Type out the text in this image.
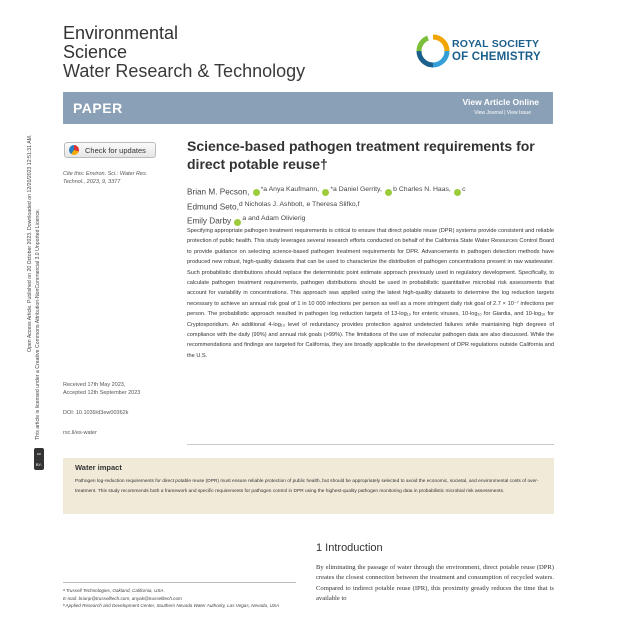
Open Access Article. Published on 20 October 2023. Downloaded on 12/20/2023 12:51:31 AM. This article is licensed under a Creative Commons Attribution-NonCommercial 3.0 Unported Licence.
cc BY-NC
Environmental
Science
Water Research & Technology
ROYAL SOCIETY
OF CHEMISTRY
PAPER	View Article Online
View Journal | View Issue
Check for updates
Cite this: Environ. Sci.: Water Res.
Technol., 2023, 9, 3377
Received 17th May 2023,
Accepted 12th September 2023
DOI: 10.1039/d3ew00362k
rsc.li/es-water
Science-based pathogen treatment requirements for direct potable reuse†
Brian M. Pecson, $^{*a Anya Kaufmann,}$ $^{*a Daniel Gerrity,}$ $^{b Charles N. Haas,}$ $^c$
Edmund Seto,$^{d Nicholas J. Ashbolt,}$ $^{e Theresa Slifko,f}$
Emily Darby $^{a and Adam Olivierig}$
Specifying appropriate pathogen treatment requirements is critical to ensure that direct potable reuse (DPR) systems provide consistent and reliable protection of public health. This study leverages several research efforts conducted on behalf of the California State Water Resources Control Board to provide guidance on selecting science-based pathogen treatment requirements for DPR. Advancements in pathogen detection methods have produced new robust, high-quality datasets that can be used to characterize the distribution of pathogen concentrations present in raw wastewater. Such probabilistic distributions should replace the deterministic point estimate approach previously used in regulatory development. Specifically, to calculate pathogen treatment requirements, pathogen distributions should be used in probabilistic quantitative microbial risk assessments that account for variability in concentrations. This approach was applied using the latest high-quality datasets to determine the log reduction targets necessary to achieve an annual risk goal of 1 in 10 000 infections per person as well as a more stringent daily risk goal of 2.7 × 10⁻⁷ infections per person. The probabilistic approach resulted in pathogen log reduction targets of 13-log₁₀ for enteric viruses, 10-log₁₀ for Giardia, and 10-log₁₀ for Cryptosporidium. An additional 4-log₁₀ level of redundancy provides protection against undetected failures while maintaining high degrees of compliance with the daily (99%) and annual risk goals (>99%). The limitations of the use of molecular pathogen data are also discussed. While the recommendations and findings are targeted for California, they are broadly applicable to the development of DPR regulations outside California and the U.S.
Water impact
Pathogen log-reduction requirements for direct potable reuse (DPR) must ensure reliable protection of public health, but should be appropriately selected to avoid the economic, societal, and environmental costs of over-treatment. This study recommends both a framework and specific requirements for pathogen control in DPR using the highest-quality pathogen monitoring data in probabilistic microbial risk assessments.
1 Introduction
By eliminating the passage of water through the environment, direct potable reuse (DPR) creates the closest connection between the treatment and consumption of recycled waters. Compared to indirect potable reuse (IPR), this proximity greatly reduces the time that is available to
ᵃ Trussell Technologies, Oakland, California, USA.
E-mail: brianp@trusselltech.com, anyak@trusselltech.com
ᵇ Applied Research and Development Center, Southern Nevada Water Authority, Las Vegas, Nevada, USA
